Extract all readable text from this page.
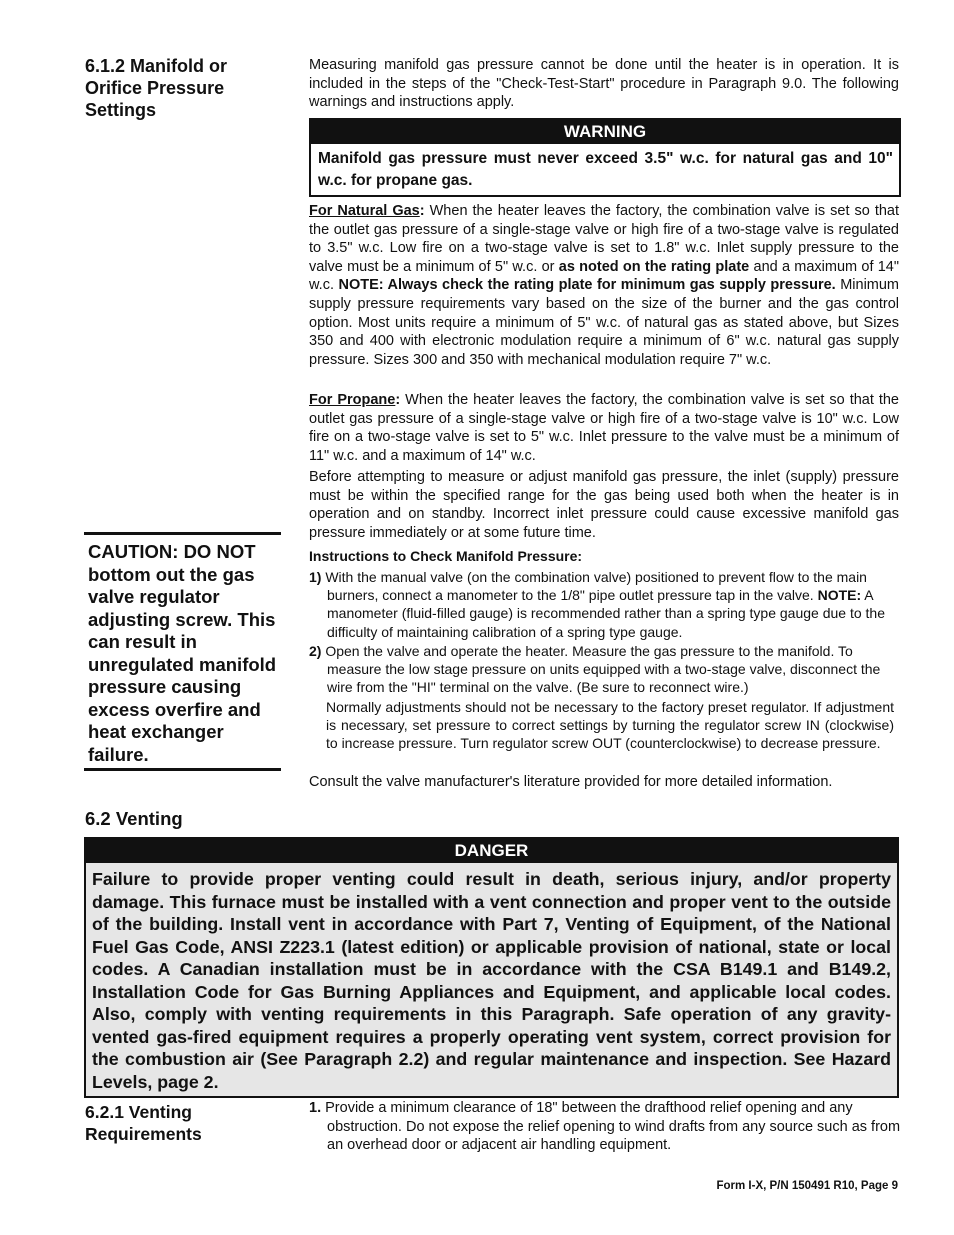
6.1.2 Manifold or Orifice Pressure Settings
Measuring manifold gas pressure cannot be done until the heater is in operation. It is included in the steps of the "Check-Test-Start" procedure in Paragraph 9.0. The following warnings and instructions apply.
WARNING
Manifold gas pressure must never exceed 3.5" w.c. for natural gas and 10" w.c. for propane gas.
For Natural Gas: When the heater leaves the factory, the combination valve is set so that the outlet gas pressure of a single-stage valve or high fire of a two-stage valve is regulated to 3.5" w.c. Low fire on a two-stage valve is set to 1.8" w.c. Inlet supply pressure to the valve must be a minimum of 5" w.c. or as noted on the rating plate and a maximum of 14" w.c. NOTE: Always check the rating plate for minimum gas supply pressure. Minimum supply pressure requirements vary based on the size of the burner and the gas control option. Most units require a minimum of 5" w.c. of natural gas as stated above, but Sizes 350 and 400 with electronic modulation require a minimum of 6" w.c. natural gas supply pressure. Sizes 300 and 350 with mechanical modulation require 7" w.c.
For Propane: When the heater leaves the factory, the combination valve is set so that the outlet gas pressure of a single-stage valve or high fire of a two-stage valve is 10" w.c. Low fire on a two-stage valve is set to 5" w.c. Inlet pressure to the valve must be a minimum of 11" w.c. and a maximum of 14" w.c.
Before attempting to measure or adjust manifold gas pressure, the inlet (supply) pressure must be within the specified range for the gas being used both when the heater is in operation and on standby. Incorrect inlet pressure could cause excessive manifold gas pressure immediately or at some future time.
Instructions to Check Manifold Pressure:
1) With the manual valve (on the combination valve) positioned to prevent flow to the main burners, connect a manometer to the 1/8" pipe outlet pressure tap in the valve. NOTE: A manometer (fluid-filled gauge) is recommended rather than a spring type gauge due to the difficulty of maintaining calibration of a spring type gauge.
2) Open the valve and operate the heater. Measure the gas pressure to the manifold. To measure the low stage pressure on units equipped with a two-stage valve, disconnect the wire from the "HI" terminal on the valve. (Be sure to reconnect wire.)
Normally adjustments should not be necessary to the factory preset regulator. If adjustment is necessary, set pressure to correct settings by turning the regulator screw IN (clockwise) to increase pressure. Turn regulator screw OUT (counterclockwise) to decrease pressure.
Consult the valve manufacturer's literature provided for more detailed information.
CAUTION: DO NOT bottom out the gas valve regulator adjusting screw. This can result in unregulated manifold pressure causing excess overfire and heat exchanger failure.
6.2 Venting
DANGER
Failure to provide proper venting could result in death, serious injury, and/or property damage. This furnace must be installed with a vent connection and proper vent to the outside of the building. Install vent in accordance with Part 7, Venting of Equipment, of the National Fuel Gas Code, ANSI Z223.1 (latest edition) or applicable provision of national, state or local codes. A Canadian installation must be in accordance with the CSA B149.1 and B149.2, Installation Code for Gas Burning Appliances and Equipment, and applicable local codes. Also, comply with venting requirements in this Paragraph. Safe operation of any gravity-vented gas-fired equipment requires a properly operating vent system, correct provision for the combustion air (See Paragraph 2.2) and regular maintenance and inspection. See Hazard Levels, page 2.
6.2.1 Venting Requirements
1. Provide a minimum clearance of 18" between the drafthood relief opening and any obstruction. Do not expose the relief opening to wind drafts from any source such as from an overhead door or adjacent air handling equipment.
Form I-X, P/N 150491 R10, Page 9
